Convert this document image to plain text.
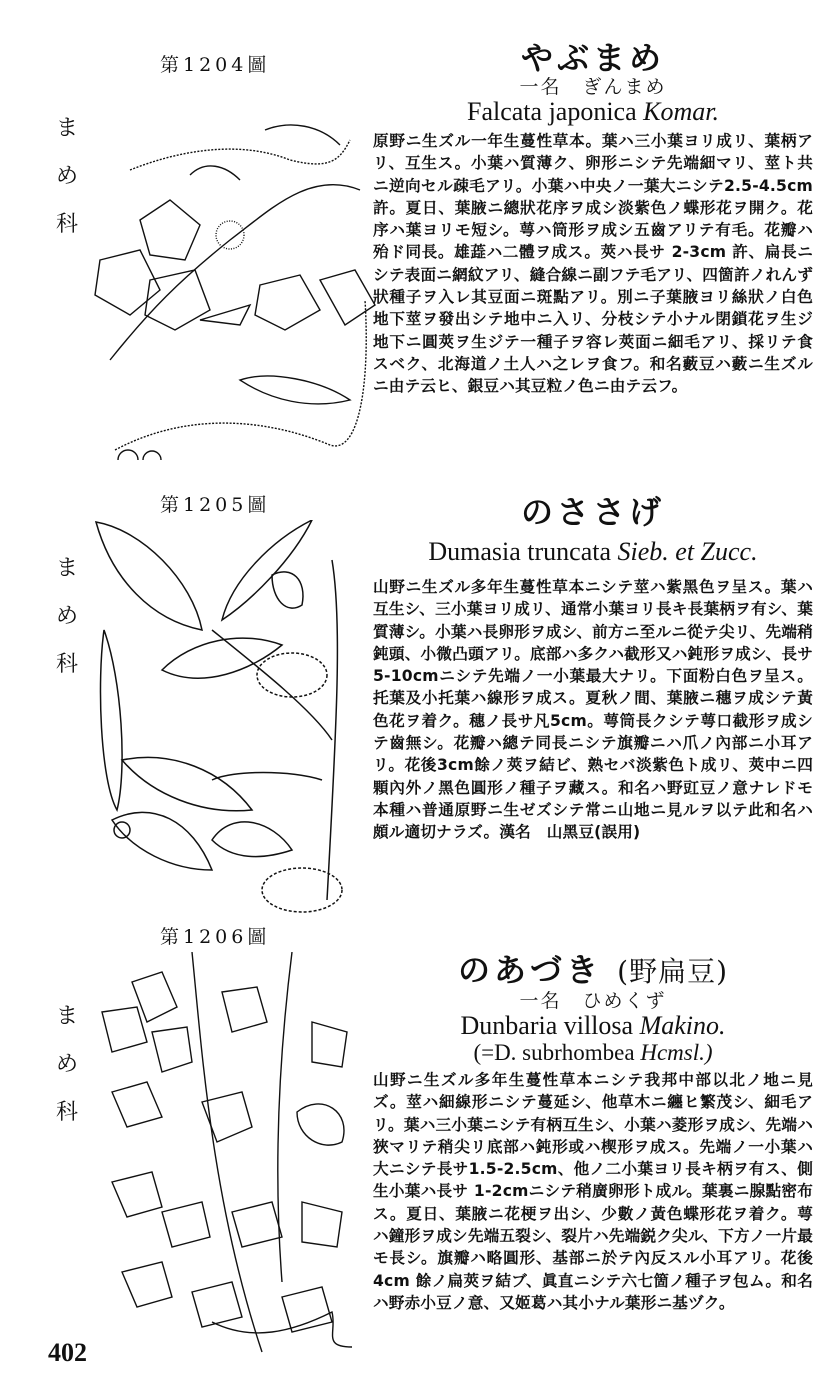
第1204圖
ま
め
科
やぶまめ
一名　ぎんまめ
Falcata japonica Komar.
原野ニ生ズル一年生蔓性草本。葉ハ三小葉ヨリ成リ、葉柄アリ、互生ス。小葉ハ質薄ク、卵形ニシテ先端細マリ、莖ト共ニ逆向セル疎毛アリ。小葉ハ中央ノ一葉大ニシテ2.5-4.5cm許。夏日、葉腋ニ總狀花序ヲ成シ淡紫色ノ蝶形花ヲ開ク。花序ハ葉ヨリモ短シ。萼ハ筒形ヲ成シ五齒アリテ有毛。花瓣ハ殆ド同長。雄蕋ハ二體ヲ成ス。莢ハ長サ 2-3cm 許、扁長ニシテ表面ニ網紋アリ、縫合線ニ副フテ毛アリ、四箇許ノれんず狀種子ヲ入レ其豆面ニ斑點アリ。別ニ子葉腋ヨリ絲狀ノ白色地下莖ヲ發出シテ地中ニ入リ、分枝シテ小ナル閉鎖花ヲ生ジ地下ニ圓莢ヲ生ジテ一種子ヲ容レ莢面ニ細毛アリ、採リテ食スベク、北海道ノ土人ハ之レヲ食フ。和名藪豆ハ藪ニ生ズルニ由テ云ヒ、銀豆ハ其豆粒ノ色ニ由テ云フ。
第1205圖
ま
め
科
のささげ
Dumasia truncata Sieb. et Zucc.
山野ニ生ズル多年生蔓性草本ニシテ莖ハ紫黑色ヲ呈ス。葉ハ互生シ、三小葉ヨリ成リ、通常小葉ヨリ長キ長葉柄ヲ有シ、葉質薄シ。小葉ハ長卵形ヲ成シ、前方ニ至ルニ從テ尖リ、先端稍鈍頭、小微凸頭アリ。底部ハ多クハ截形又ハ鈍形ヲ成シ、長サ5-10cmニシテ先端ノ一小葉最大ナリ。下面粉白色ヲ呈ス。托葉及小托葉ハ線形ヲ成ス。夏秋ノ間、葉腋ニ穗ヲ成シテ黃色花ヲ着ク。穗ノ長サ凡5cm。萼筒長クシテ萼口截形ヲ成シテ齒無シ。花瓣ハ總テ同長ニシテ旗瓣ニハ爪ノ內部ニ小耳アリ。花後3cm餘ノ莢ヲ結ビ、熟セバ淡紫色ト成リ、莢中ニ四顆內外ノ黑色圓形ノ種子ヲ藏ス。和名ハ野豇豆ノ意ナレドモ本種ハ普通原野ニ生ゼズシテ常ニ山地ニ見ルヲ以テ此和名ハ頗ル適切ナラズ。漢名　山黑豆(誤用)
第1206圖
ま
め
科
のあづき (野扁豆)
一名　ひめくず
Dunbaria villosa Makino.
(=D. subrhombea Hcmsl.)
山野ニ生ズル多年生蔓性草本ニシテ我邦中部以北ノ地ニ見ズ。莖ハ細線形ニシテ蔓延シ、他草木ニ纏ヒ繁茂シ、細毛アリ。葉ハ三小葉ニシテ有柄互生シ、小葉ハ菱形ヲ成シ、先端ハ狹マリテ稍尖リ底部ハ鈍形或ハ楔形ヲ成ス。先端ノ一小葉ハ大ニシテ長サ1.5-2.5cm、他ノ二小葉ヨリ長キ柄ヲ有ス、側生小葉ハ長サ 1-2cmニシテ稍廣卵形ト成ル。葉裏ニ腺點密布ス。夏日、葉腋ニ花梗ヲ出シ、少數ノ黃色蝶形花ヲ着ク。萼ハ鐘形ヲ成シ先端五裂シ、裂片ハ先端鋭ク尖ル、下方ノ一片最モ長シ。旗瓣ハ略圓形、基部ニ於テ內反スル小耳アリ。花後 4cm 餘ノ扁莢ヲ結ブ、眞直ニシテ六七箇ノ種子ヲ包ム。和名ハ野赤小豆ノ意、又姬葛ハ其小ナル葉形ニ基ヅク。
402
